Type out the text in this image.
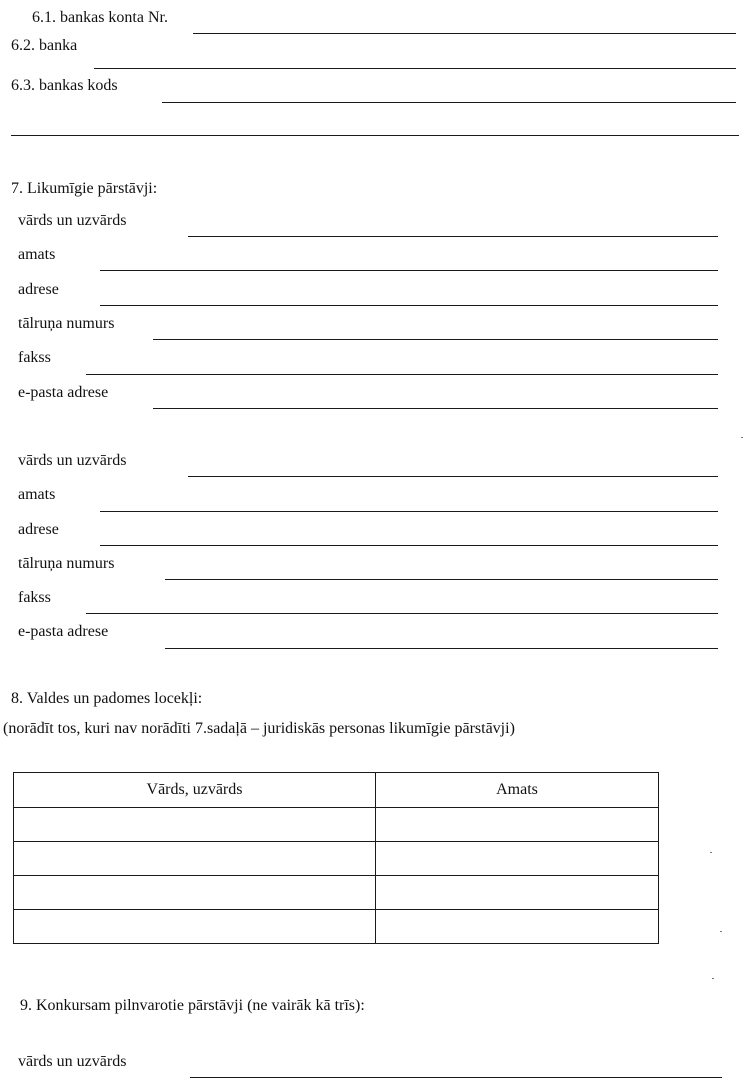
6.1. bankas konta Nr.
6.2. banka
6.3. bankas kods
7. Likumīgie pārstāvji:
vārds un uzvārds
amats
adrese
tālruņa numurs
fakss
e-pasta adrese
vārds un uzvārds
amats
adrese
tālruņa numurs
fakss
e-pasta adrese
8. Valdes un padomes locekļi:
(norādīt tos, kuri nav norādīti 7.sadaļā – juridiskās personas likumīgie pārstāvji)
Vārds, uzvārds	Amats

9. Konkursam pilnvarotie pārstāvji (ne vairāk kā trīs):
vārds un uzvārds
